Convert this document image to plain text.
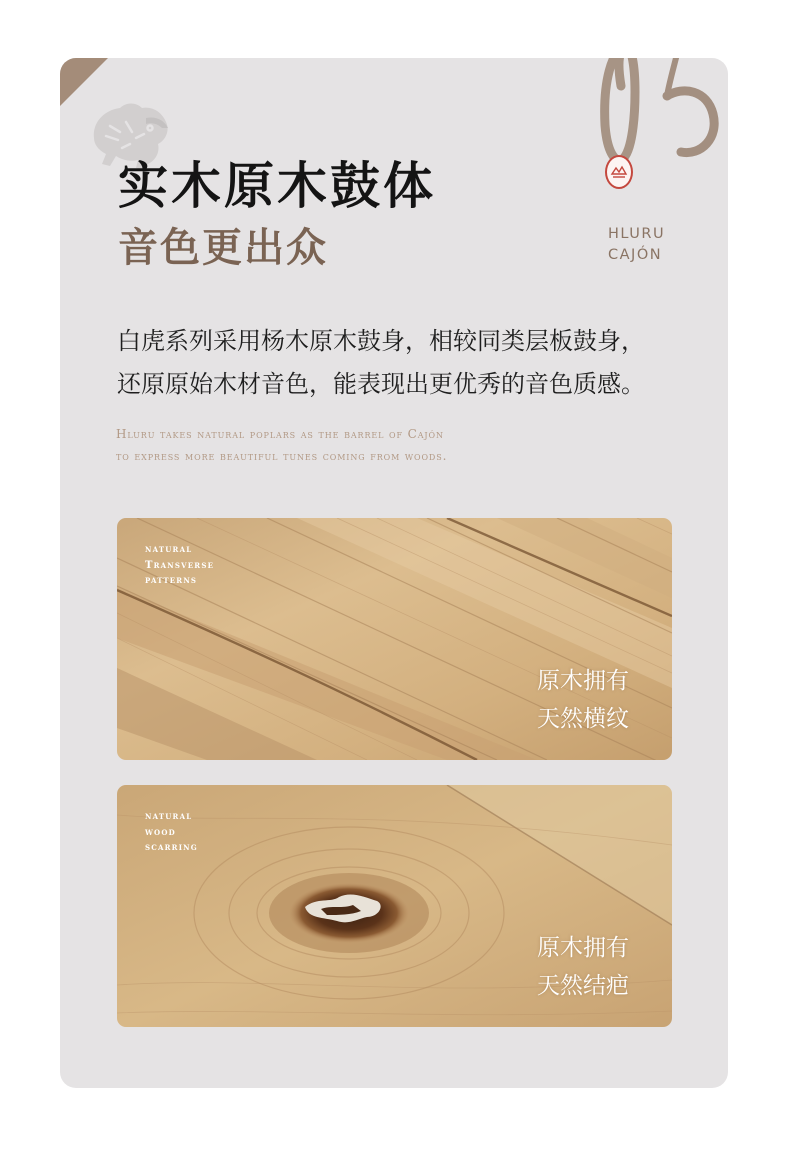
实木原木鼓体
音色更出众	HLURU
CAJÓN
白虎系列采用杨木原木鼓身，相较同类层板鼓身，
还原原始木材音色，能表现出更优秀的音色质感。
Hluru takes natural poplars as the barrel of Cajón
to express more beautiful tunes coming from woods.
natural
Transverse
patterns
原木拥有
天然横纹
natural
wood
scarring
原木拥有
天然结疤
